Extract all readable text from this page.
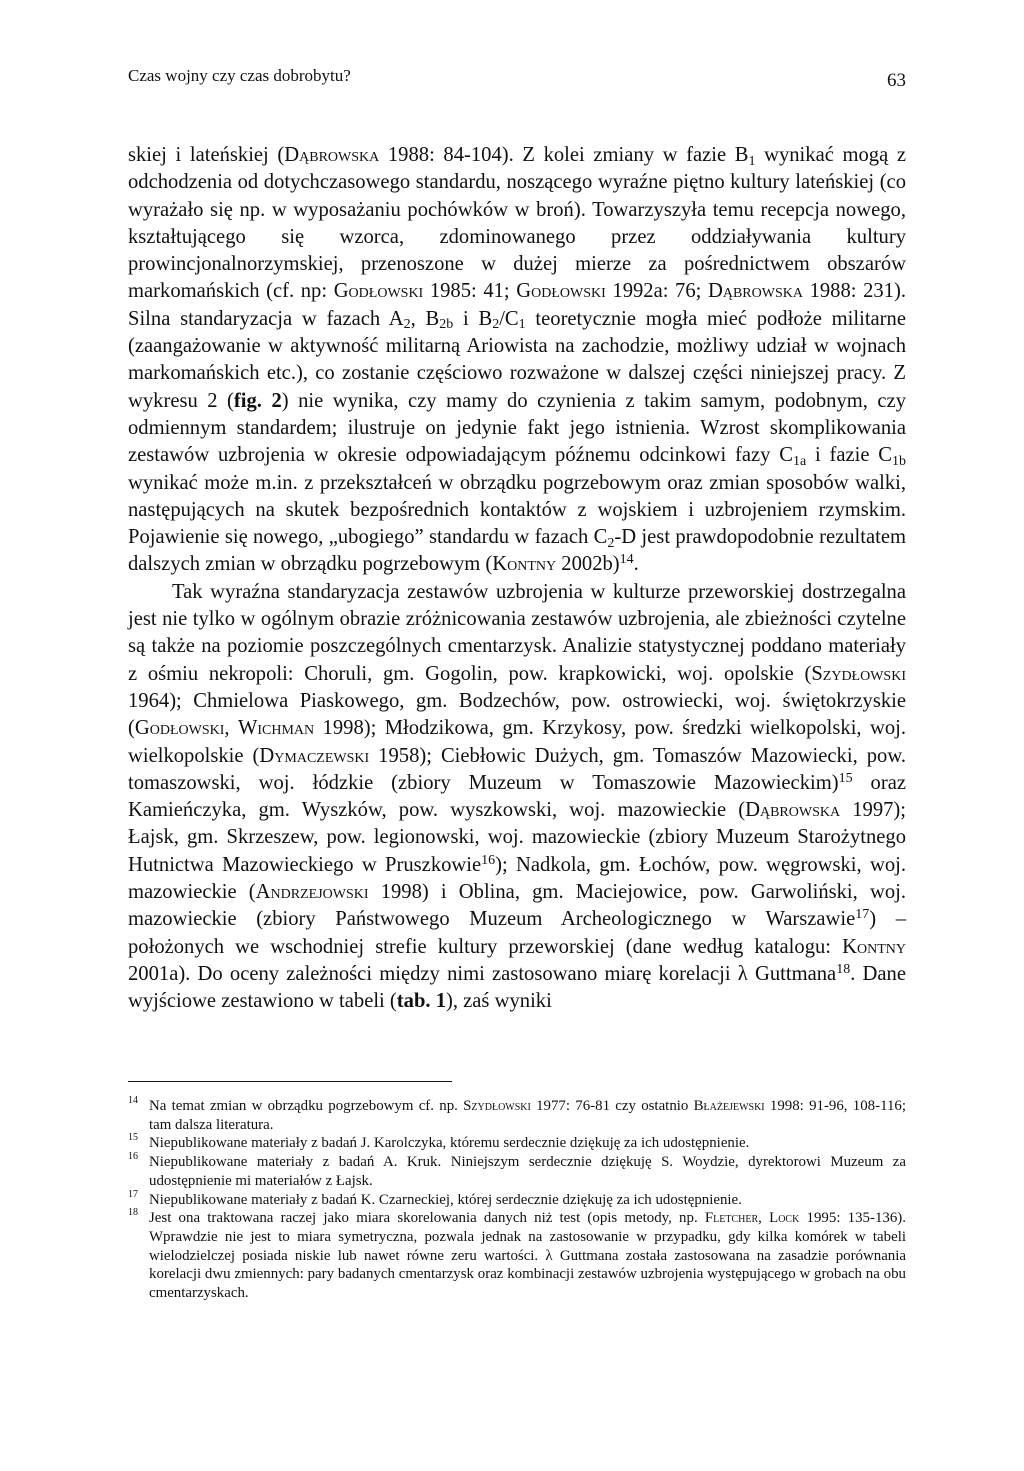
Czas wojny czy czas dobrobytu?	63

skiej i lateńskiej (Dąbrowska 1988: 84-104). Z kolei zmiany w fazie $B_1$ wynikać mogą z odchodzenia od dotychczasowego standardu, noszącego wyraźne piętno kultury lateńskiej (co wyrażało się np. w wyposażaniu pochówków w broń). Towarzyszyła temu recepcja nowego, kształtującego się wzorca, zdominowanego przez oddziaływania kultury prowincjonalnorzymskiej, przenoszone w dużej mierze za pośrednictwem obszarów markomańskich (cf. np: Godłowski 1985: 41; Godłowski 1992a: 76; Dąbrowska 1988: 231). Silna standaryzacja w fazach $A_2$, $B_{2b}$ i $B_2/C_1$ teoretycznie mogła mieć podłoże militarne (zaangażowanie w aktywność militarną Ariowista na zachodzie, możliwy udział w wojnach markomańskich etc.), co zostanie częściowo rozważone w dalszej części niniejszej pracy. Z wykresu 2 (fig. 2) nie wynika, czy mamy do czynienia z takim samym, podobnym, czy odmiennym standardem; ilustruje on jedynie fakt jego istnienia. Wzrost skomplikowania zestawów uzbrojenia w okresie odpowiadającym późnemu odcinkowi fazy $C_{1a}$ i fazie $C_{1b}$ wynikać może m.in. z przekształceń w obrządku pogrzebowym oraz zmian sposobów walki, następujących na skutek bezpośrednich kontaktów z wojskiem i uzbrojeniem rzymskim. Pojawienie się nowego, „ubogiego” standardu w fazach $C_2-D$ jest prawdopodobnie rezultatem dalszych zmian w obrządku pogrzebowym (Kontny 2002b)$^{14}$.

Tak wyraźna standaryzacja zestawów uzbrojenia w kulturze przeworskiej dostrzegalna jest nie tylko w ogólnym obrazie zróżnicowania zestawów uzbrojenia, ale zbieżności czytelne są także na poziomie poszczególnych cmentarzysk. Analizie statystycznej poddano materiały z ośmiu nekropoli: Choruli, gm. Gogolin, pow. krapkowicki, woj. opolskie (Szydłowski 1964); Chmielowa Piaskowego, gm. Bodzechów, pow. ostrowiecki, woj. świętokrzyskie (Godłowski, Wichman 1998); Młodzikowa, gm. Krzykosy, pow. średzki wielkopolski, woj. wielkopolskie (Dymaczewski 1958); Ciebłowic Dużych, gm. Tomaszów Mazowiecki, pow. tomaszowski, woj. łódzkie (zbiory Muzeum w Tomaszowie Mazowieckim)$^{15}$ oraz Kamieńczyka, gm. Wyszków, pow. wyszkowski, woj. mazowieckie (Dąbrowska 1997); Łajsk, gm. Skrzeszew, pow. legionowski, woj. mazowieckie (zbiory Muzeum Starożytnego Hutnictwa Mazowieckiego w Pruszkowie$^{16}$); Nadkola, gm. Łochów, pow. węgrowski, woj. mazowieckie (Andrzejowski 1998) i Oblina, gm. Maciejowice, pow. Garwoliński, woj. mazowieckie (zbiory Państwowego Muzeum Archeologicznego w Warszawie$^{17}$) – położonych we wschodniej strefie kultury przeworskiej (dane według katalogu: Kontny 2001a). Do oceny zależności między nimi zastosowano miarę korelacji λ Guttmana$^{18}$. Dane wyjściowe zestawiono w tabeli (tab. 1), zaś wyniki

14 Na temat zmian w obrządku pogrzebowym cf. np. Szydłowski 1977: 76-81 czy ostatnio Błażejewski 1998: 91-96, 108-116; tam dalsza literatura.
15 Niepublikowane materiały z badań J. Karolczyka, któremu serdecznie dziękuję za ich udostępnienie.
16 Niepublikowane materiały z badań A. Kruk. Niniejszym serdecznie dziękuję S. Woydzie, dyrektorowi Muzeum za udostępnienie mi materiałów z Łajsk.
17 Niepublikowane materiały z badań K. Czarneckiej, której serdecznie dziękuję za ich udostępnienie.
18 Jest ona traktowana raczej jako miara skorelowania danych niż test (opis metody, np. Fletcher, Lock 1995: 135-136). Wprawdzie nie jest to miara symetryczna, pozwala jednak na zastosowanie w przypadku, gdy kilka komórek w tabeli wielodzielczej posiada niskie lub nawet równe zeru wartości. λ Guttmana została zastosowana na zasadzie porównania korelacji dwu zmiennych: pary badanych cmentarzysk oraz kombinacji zestawów uzbrojenia występującego w grobach na obu cmentarzyskach.
